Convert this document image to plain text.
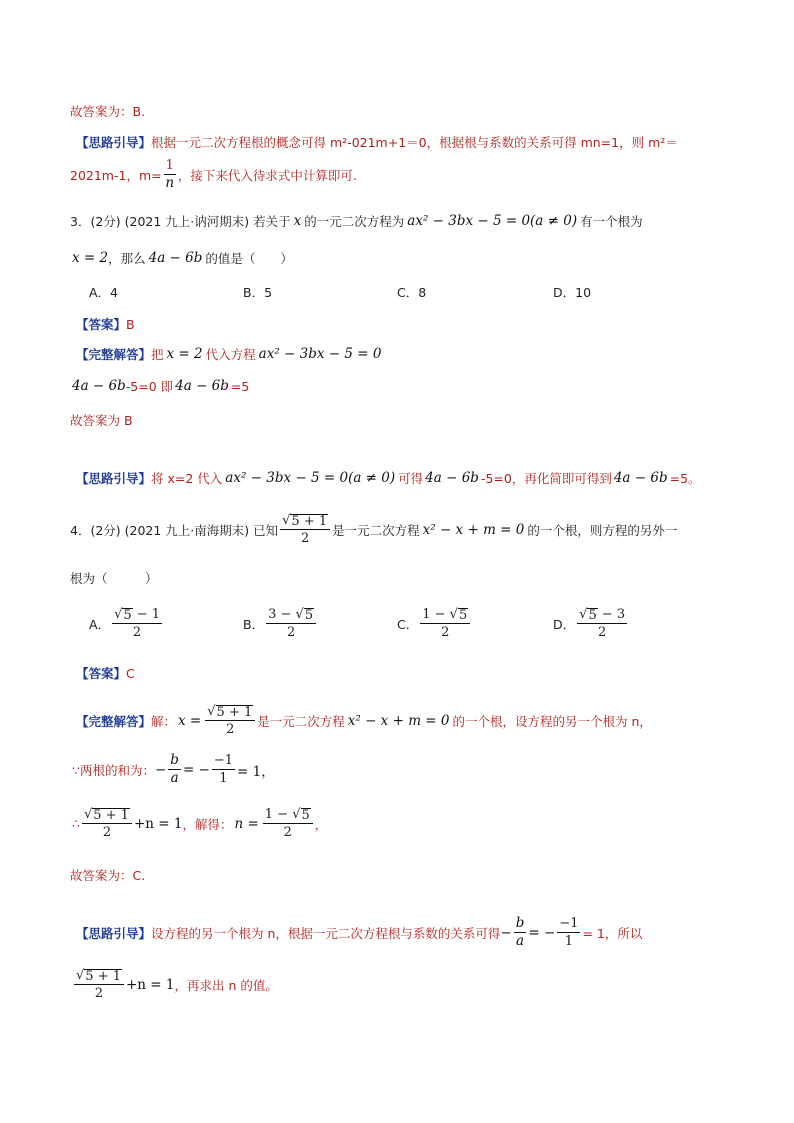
故答案为：B.
【思路引导】 根据一元二次方程根的概念可得 m²-021m+1＝0，根据根与系数的关系可得 mn=1，则 m²＝
2021m-1，$m= \frac{1}{n}$ ，接下来代入待求式中计算即可.
3．(2分) (2021 九上·讷河期末) 若关于 x 的一元二次方程为 ax² − 3bx − 5 = 0(a ≠ 0) 有一个根为
x = 2 ，那么 4a − 6b 的值是（　　）
A．4	B．5	C．8	D．10
【答案】 B
【完整解答】 把 x = 2 代入方程 ax² − 3bx − 5 = 0
4a − 6b -5=0 即 4a − 6b =5
故答案为 B
【思路引导】 将 x=2 代入 ax² − 3bx − 5 = 0(a ≠ 0) 可得 4a − 6b -5=0，再化简即可得到 4a − 6b =5。
4．(2分) (2021 九上·南海期末) 已知 $\frac{√ 5 + 1}{2}$ 是一元二次方程 x² − x + m = 0 的一个根，则方程的另外一
根为（　　　）
A． $\frac{√ 5 - 1}{2}$	B． $\frac{3 - √ 5}{2}$	C． $\frac{1 - √ 5}{2}$	D． $\frac{√ 5 - 3}{2}$
【答案】 C
【完整解答】 解： $x = \frac{√ 5 + 1}{2}$ 是一元二次方程 x² − x + m = 0 的一个根，设方程的另一个根为 n，
∵两根的和为： − $\frac{b}{a}$ = − $\frac{-1}{1} = 1$，
∴ $\frac{√ 5 + 1}{2} +n = 1$ ，解得： $n = \frac{1 - √ 5}{2}$ ，
故答案为：C.
【思路引导】 设方程的另一个根为 n，根据一元二次方程根与系数的关系可得 − $\frac{b}{a}$ = − $\frac{-1}{1} = 1$，所以
$\frac{√ 5 + 1}{2} +n = 1$ ，再求出 n 的值。
